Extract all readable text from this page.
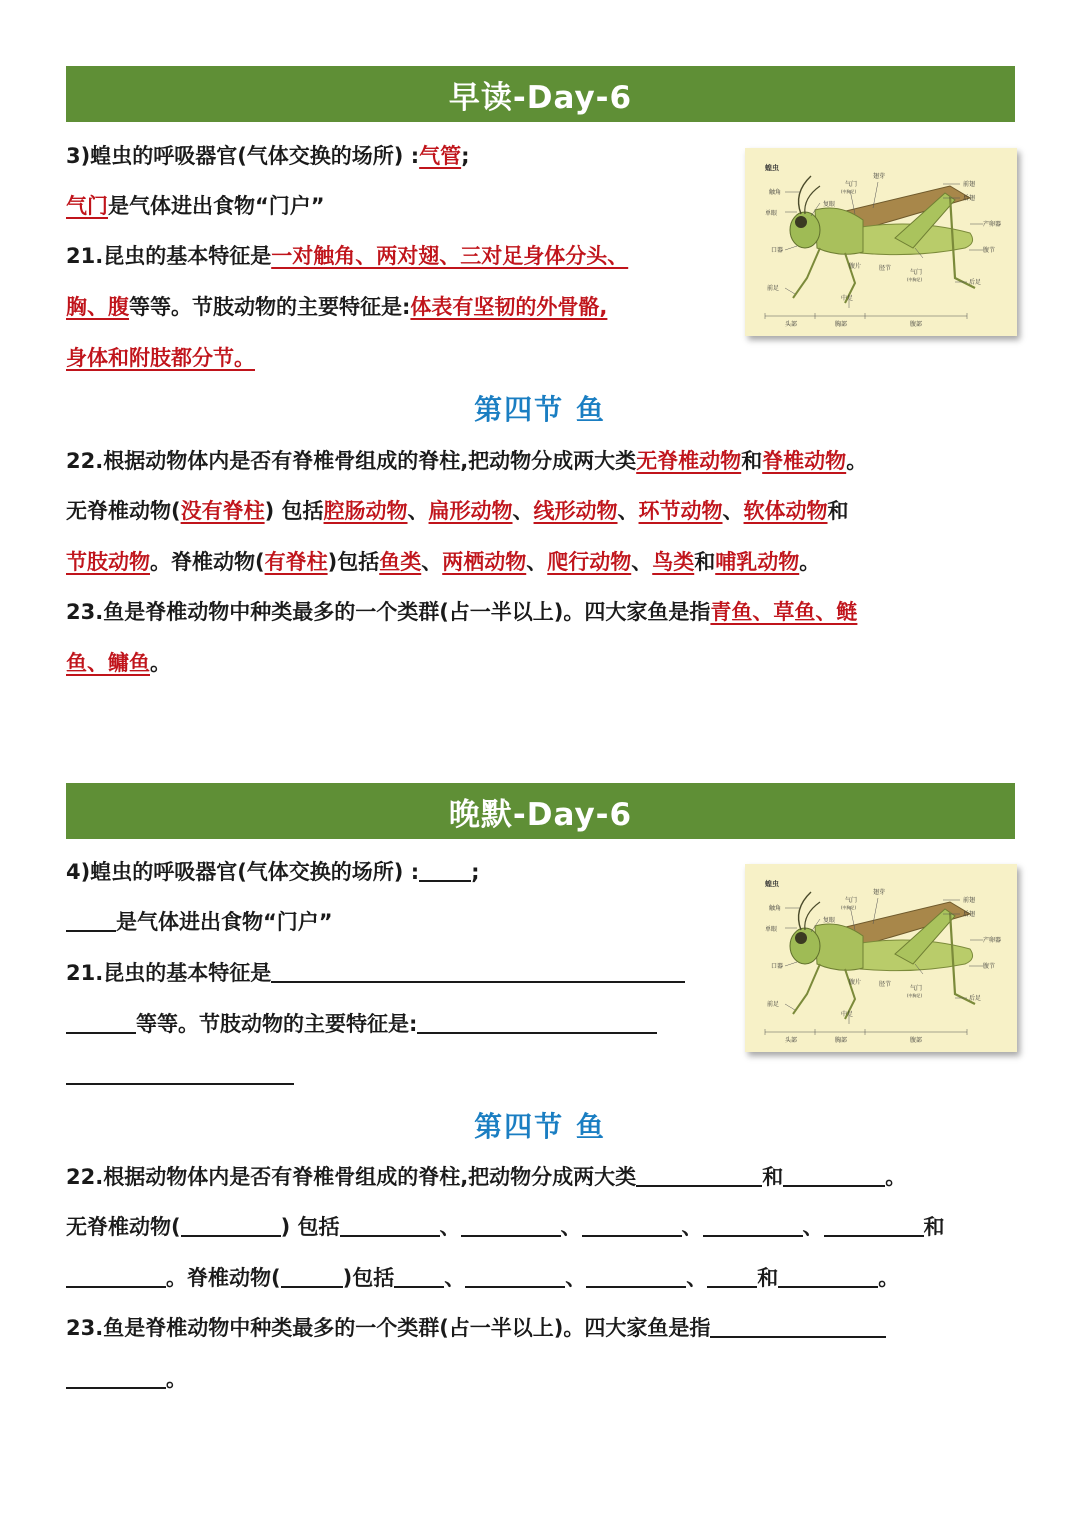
早读-Day-6
3)蝗虫的呼吸器官(气体交换的场所) :气管;
气门是气体进出食物“门户”
21.昆虫的基本特征是一对触角、两对翅、三对足身体分头、
胸、腹等等。节肢动物的主要特征是:体表有坚韧的外骨骼,
身体和附肢都分节。
蝗虫
触角
复眼
单眼
气门
(中胸足)
翅芽
前翅
后翅
产卵器
腹节
口器
前足
中足
后足
腹片	胫节
气门
(中胸足)
头部	胸部	腹部
第四节 鱼
22.根据动物体内是否有脊椎骨组成的脊柱,把动物分成两大类无脊椎动物和脊椎动物。
无脊椎动物(没有脊柱) 包括腔肠动物、扁形动物、线形动物、环节动物、软体动物和
节肢动物。脊椎动物(有脊柱)包括鱼类、两栖动物、爬行动物、鸟类和哺乳动物。
23.鱼是脊椎动物中种类最多的一个类群(占一半以上)。四大家鱼是指青鱼、草鱼、鲢
鱼、鳙鱼。
晚默-Day-6
4)蝗虫的呼吸器官(气体交换的场所) : ;
是气体进出食物“门户”
21.昆虫的基本特征是
等等。节肢动物的主要特征是:
蝗虫
触角
复眼
单眼
气门
(中胸足)
翅芽
前翅
后翅
产卵器
腹节
口器
前足
中足
后足
腹片	胫节
气门
(中胸足)
头部	胸部	腹部
第四节 鱼
22.根据动物体内是否有脊椎骨组成的脊柱,把动物分成两大类	和	。
无脊椎动物(	) 包括	、	、	、	、	和
。脊椎动物(	)包括 、	、	、 和	。
23.鱼是脊椎动物中种类最多的一个类群(占一半以上)。四大家鱼是指
。
